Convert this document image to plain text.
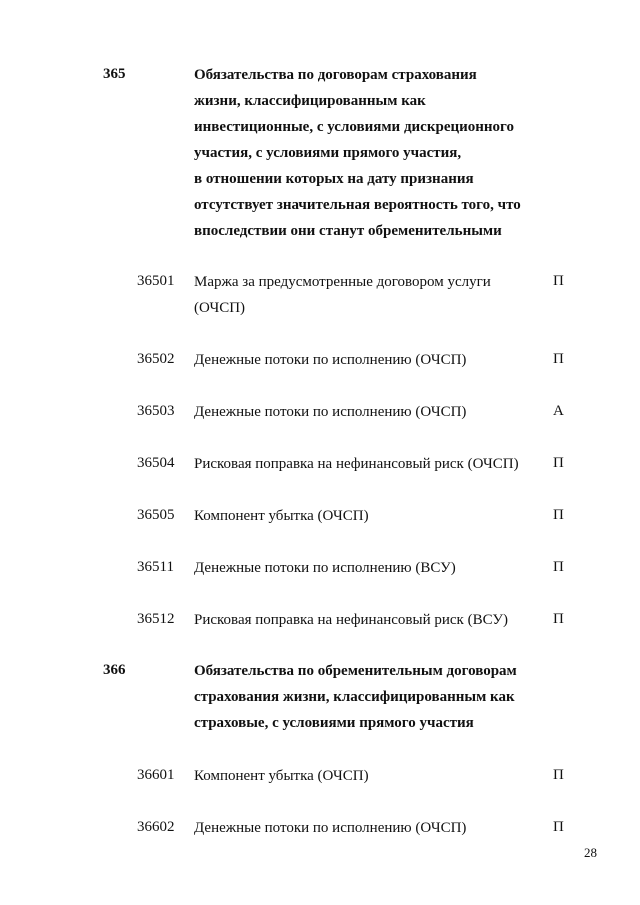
365	Обязательства по договорам страхования
жизни, классифицированным как
инвестиционные, с условиями дискреционного
участия, с условиями прямого участия,
в отношении которых на дату признания
отсутствует значительная вероятность того, что
впоследствии они станут обременительными
36501 Маржа за предусмотренные договором услуги
(ОЧСП)
П
36502 Денежные потоки по исполнению (ОЧСП)	П
36503 Денежные потоки по исполнению (ОЧСП)	А
36504 Рисковая поправка на нефинансовый риск (ОЧСП)	П
36505 Компонент убытка (ОЧСП)	П
36511 Денежные потоки по исполнению (ВСУ)	П
36512 Рисковая поправка на нефинансовый риск (ВСУ)	П
366	Обязательства по обременительным договорам
страхования жизни, классифицированным как
страховые, с условиями прямого участия
36601 Компонент убытка (ОЧСП)	П
36602 Денежные потоки по исполнению (ОЧСП)	П
28
